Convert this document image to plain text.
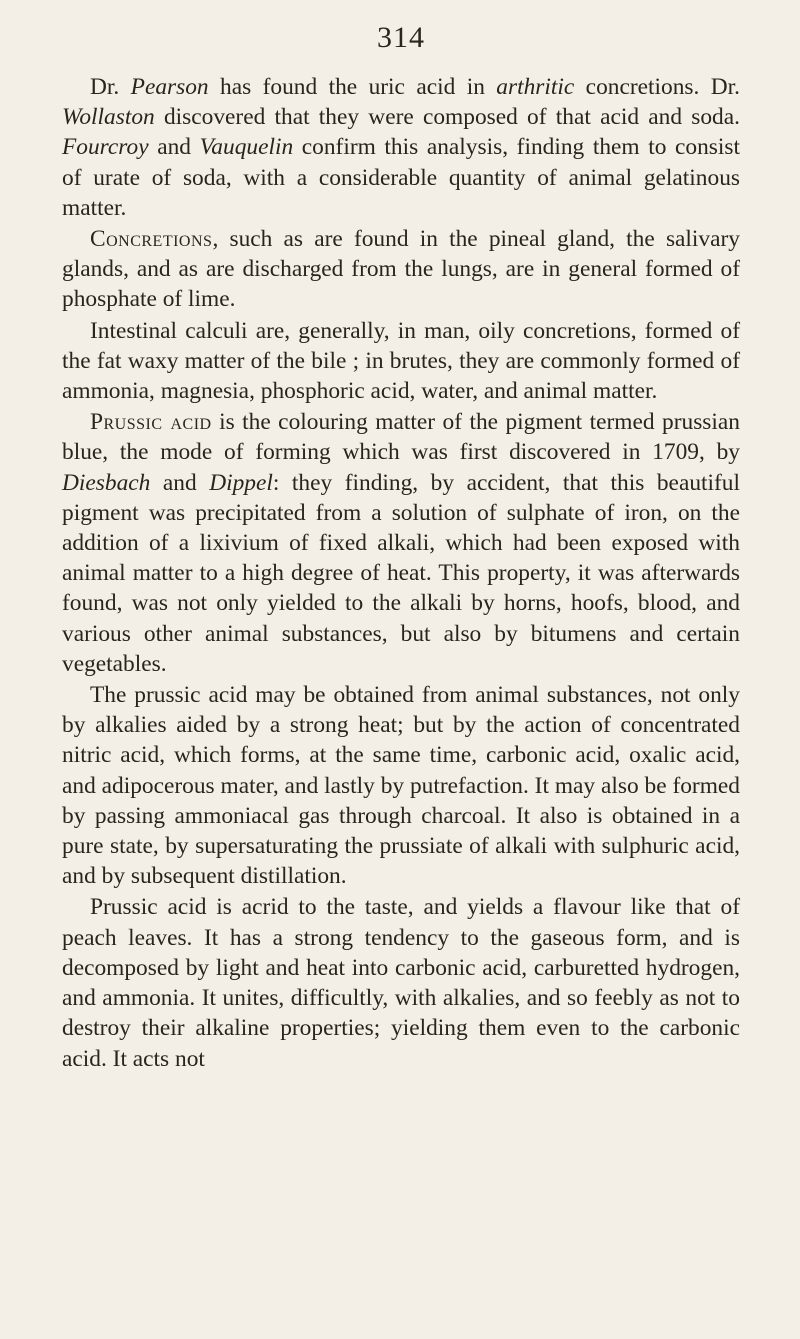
314

Dr. Pearson has found the uric acid in arthritic concretions. Dr. Wollaston discovered that they were composed of that acid and soda. Fourcroy and Vauquelin confirm this analysis, finding them to consist of urate of soda, with a considerable quantity of animal gelatinous matter.

Concretions, such as are found in the pineal gland, the salivary glands, and as are discharged from the lungs, are in general formed of phosphate of lime.

Intestinal calculi are, generally, in man, oily concretions, formed of the fat waxy matter of the bile ; in brutes, they are commonly formed of ammonia, magnesia, phosphoric acid, water, and animal matter.

Prussic acid is the colouring matter of the pigment termed prussian blue, the mode of forming which was first discovered in 1709, by Diesbach and Dippel: they finding, by accident, that this beautiful pigment was precipitated from a solution of sulphate of iron, on the addition of a lixivium of fixed alkali, which had been exposed with animal matter to a high degree of heat. This property, it was afterwards found, was not only yielded to the alkali by horns, hoofs, blood, and various other animal substances, but also by bitumens and certain vegetables.

The prussic acid may be obtained from animal substances, not only by alkalies aided by a strong heat; but by the action of concentrated nitric acid, which forms, at the same time, carbonic acid, oxalic acid, and adipocerous mater, and lastly by putrefaction. It may also be formed by passing ammoniacal gas through charcoal. It also is obtained in a pure state, by supersaturating the prussiate of alkali with sulphuric acid, and by subsequent distillation.

Prussic acid is acrid to the taste, and yields a flavour like that of peach leaves. It has a strong tendency to the gaseous form, and is decomposed by light and heat into carbonic acid, carburetted hydrogen, and ammonia. It unites, difficultly, with alkalies, and so feebly as not to destroy their alkaline properties; yielding them even to the carbonic acid. It acts not
